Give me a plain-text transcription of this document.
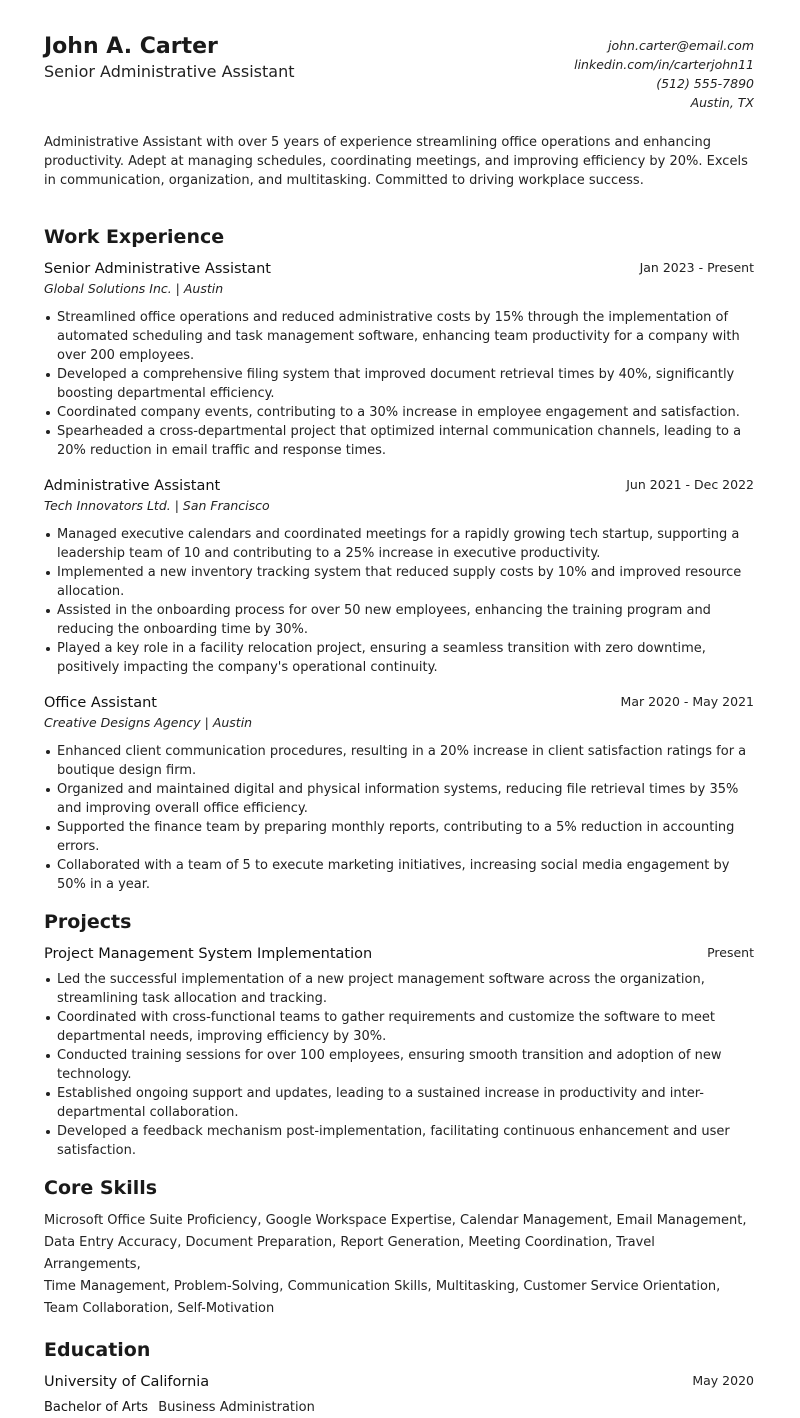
John A. Carter
Senior Administrative Assistant
john.carter@email.com
linkedin.com/in/carterjohn11
(512) 555-7890
Austin, TX

Administrative Assistant with over 5 years of experience streamlining office operations and enhancing productivity. Adept at managing schedules, coordinating meetings, and improving efficiency by 20%. Excels in communication, organization, and multitasking. Committed to driving workplace success.

Work Experience
Senior Administrative Assistant	Jan 2023 - Present
Global Solutions Inc. | Austin
Streamlined office operations and reduced administrative costs by 15% through the implementation of automated scheduling and task management software, enhancing team productivity for a company with over 200 employees.
Developed a comprehensive filing system that improved document retrieval times by 40%, significantly boosting departmental efficiency.
Coordinated company events, contributing to a 30% increase in employee engagement and satisfaction.
Spearheaded a cross-departmental project that optimized internal communication channels, leading to a 20% reduction in email traffic and response times.
Administrative Assistant	Jun 2021 - Dec 2022
Tech Innovators Ltd. | San Francisco
Managed executive calendars and coordinated meetings for a rapidly growing tech startup, supporting a leadership team of 10 and contributing to a 25% increase in executive productivity.
Implemented a new inventory tracking system that reduced supply costs by 10% and improved resource allocation.
Assisted in the onboarding process for over 50 new employees, enhancing the training program and reducing the onboarding time by 30%.
Played a key role in a facility relocation project, ensuring a seamless transition with zero downtime, positively impacting the company's operational continuity.
Office Assistant	Mar 2020 - May 2021
Creative Designs Agency | Austin
Enhanced client communication procedures, resulting in a 20% increase in client satisfaction ratings for a boutique design firm.
Organized and maintained digital and physical information systems, reducing file retrieval times by 35% and improving overall office efficiency.
Supported the finance team by preparing monthly reports, contributing to a 5% reduction in accounting errors.
Collaborated with a team of 5 to execute marketing initiatives, increasing social media engagement by 50% in a year.
Projects
Project Management System Implementation	Present
Led the successful implementation of a new project management software across the organization, streamlining task allocation and tracking.
Coordinated with cross-functional teams to gather requirements and customize the software to meet departmental needs, improving efficiency by 30%.
Conducted training sessions for over 100 employees, ensuring smooth transition and adoption of new technology.
Established ongoing support and updates, leading to a sustained increase in productivity and inter-departmental collaboration.
Developed a feedback mechanism post-implementation, facilitating continuous enhancement and user satisfaction.
Core Skills
Microsoft Office Suite Proficiency, Google Workspace Expertise, Calendar Management, Email Management,
Data Entry Accuracy, Document Preparation, Report Generation, Meeting Coordination, Travel Arrangements,
Time Management, Problem-Solving, Communication Skills, Multitasking, Customer Service Orientation,
Team Collaboration, Self-Motivation
Education
University of California	May 2020
Bachelor of Arts Business Administration
